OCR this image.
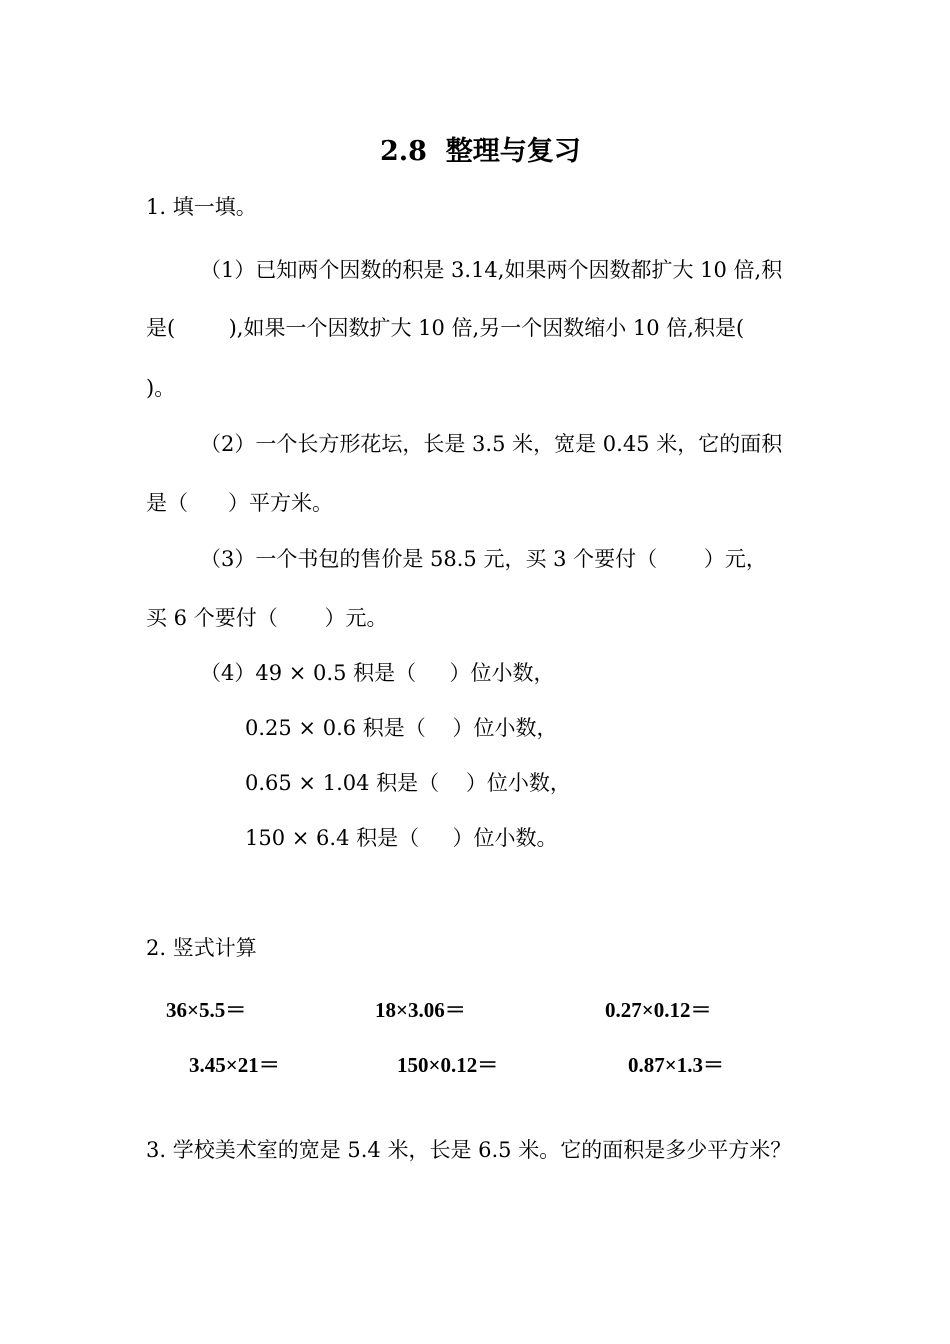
2.8  整理与复习
1. 填一填。
（1）已知两个因数的积是 3.14,如果两个因数都扩大 10 倍,积
是(        ),如果一个因数扩大 10 倍,另一个因数缩小 10 倍,积是(
)。
（2）一个长方形花坛，长是 3.5 米，宽是 0.45 米，它的面积
是（      ）平方米。
（3）一个书包的售价是 58.5 元，买 3 个要付（       ）元，
买 6 个要付（       ）元。
（4）49 × 0.5 积是（     ）位小数，
0.25 × 0.6 积是（    ）位小数，
0.65 × 1.04 积是（    ）位小数，
150 × 6.4 积是（     ）位小数。
2. 竖式计算
36×5.5＝	18×3.06＝	0.27×0.12＝
3.45×21＝	150×0.12＝	0.87×1.3＝
3. 学校美术室的宽是 5.4 米，长是 6.5 米。它的面积是多少平方米？
